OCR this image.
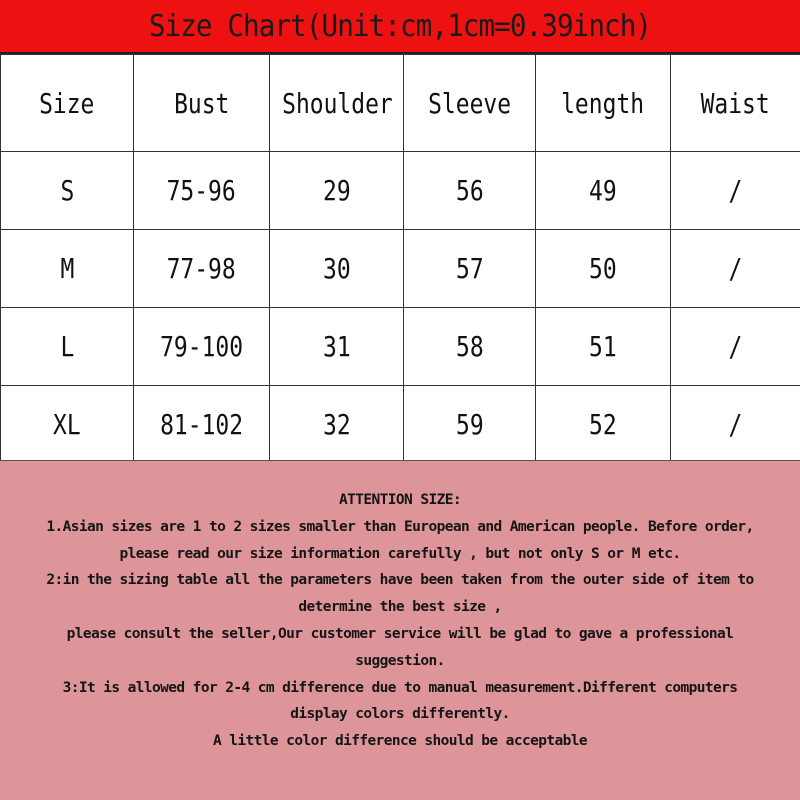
Size Chart(Unit:cm,1cm=0.39inch)
Size	Bust	Shoulder	Sleeve	length	Waist
S	75-96	29	56	49	/
M	77-98	30	57	50	/
L	79-100	31	58	51	/
XL	81-102	32	59	52	/
ATTENTION SIZE:
1.Asian sizes are 1 to 2 sizes smaller than European and American people. Before order,
please read our size information carefully , but not only S or M etc.
2:in the sizing table all the parameters have been taken from the outer side of item to
determine the best size ,
please consult the seller,Our customer service will be glad to gave a professional
suggestion.
3:It is allowed for 2-4 cm difference due to manual measurement.Different computers
display colors differently.
A little color difference should be acceptable
